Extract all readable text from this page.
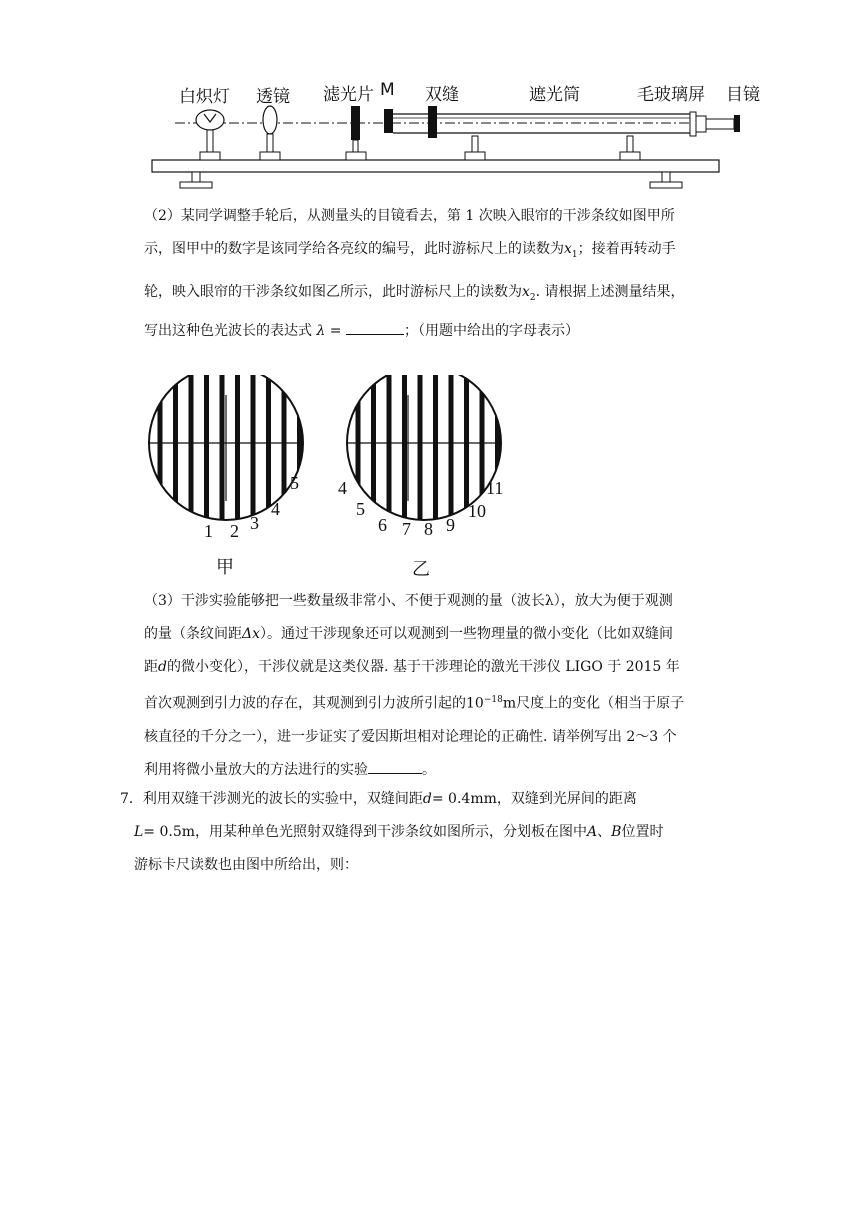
白炽灯 透镜 滤光片 M 双缝	遮光筒	毛玻璃屏 目镜
（2）某同学调整手轮后，从测量头的目镜看去，第 1 次映入眼帘的干涉条纹如图甲所
示，图甲中的数字是该同学给各亮纹的编号，此时游标尺上的读数为$x_1$；接着再转动手
轮，映入眼帘的干涉条纹如图乙所示，此时游标尺上的读数为$x_2$. 请根据上述测量结果，
写出这种色光波长的表达式 λ =	；（用题中给出的字母表示）
1 2 3
4
5
甲
4
5
6 7 8 9
10
11
乙
（3）干涉实验能够把一些数量级非常小、不便于观测的量（波长λ），放大为便于观测
的量（条纹间距Δx）。通过干涉现象还可以观测到一些物理量的微小变化（比如双缝间
距d的微小变化），干涉仪就是这类仪器. 基于干涉理论的激光干涉仪 LIGO 于 2015 年
首次观测到引力波的存在，其观测到引力波所引起的$10^{-18}m$尺度上的变化（相当于原子
核直径的千分之一），进一步证实了爱因斯坦相对论理论的正确性. 请举例写出 2～3 个
利用将微小量放大的方法进行的实验	。
7．利用双缝干涉测光的波长的实验中，双缝间距d= 0.4mm，双缝到光屏间的距离
L= 0.5m，用某种单色光照射双缝得到干涉条纹如图所示，分划板在图中A、B位置时
游标卡尺读数也由图中所给出，则：
